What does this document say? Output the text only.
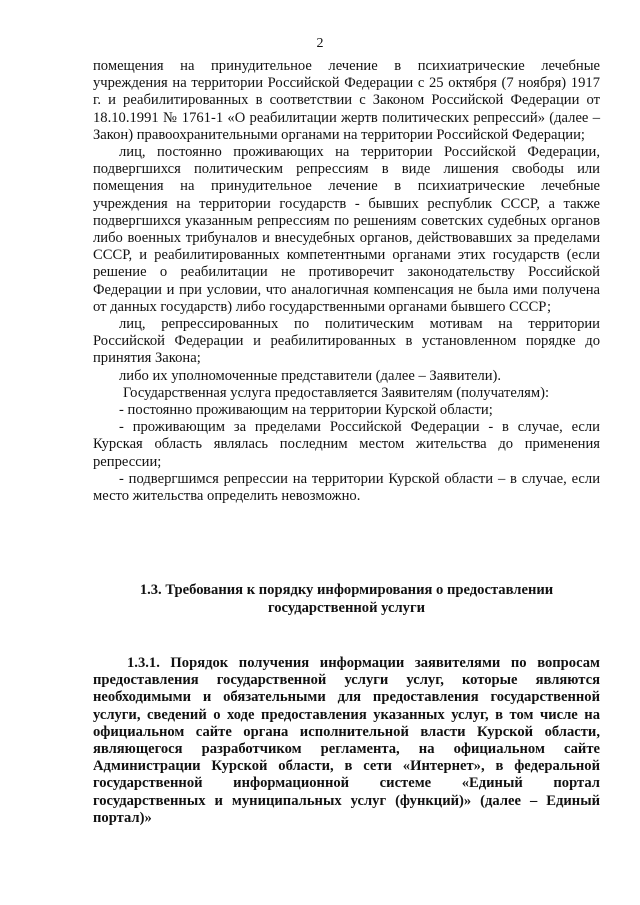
2

помещения на принудительное лечение в психиатрические лечебные учреждения на территории Российской Федерации с 25 октября (7 ноября) 1917 г. и реабилитированных в соответствии с Законом Российской Федерации от 18.10.1991 № 1761-1 «О реабилитации жертв политических репрессий» (далее – Закон) правоохранительными органами на территории Российской Федерации;

лиц, постоянно проживающих на территории Российской Федерации, подвергшихся политическим репрессиям в виде лишения свободы или помещения на принудительное лечение в психиатрические лечебные учреждения на территории государств - бывших республик СССР, а также подвергшихся указанным репрессиям по решениям советских судебных органов либо военных трибуналов и внесудебных органов, действовавших за пределами СССР, и реабилитированных компетентными органами этих государств (если решение о реабилитации не противоречит законодательству Российской Федерации и при условии, что аналогичная компенсация не была ими получена от данных государств) либо государственными органами бывшего СССР;

лиц, репрессированных по политическим мотивам на территории Российской Федерации и реабилитированных в установленном порядке до принятия Закона;

либо их уполномоченные представители (далее – Заявители).

Государственная услуга предоставляется Заявителям (получателям):

- постоянно проживающим на территории Курской области;

- проживающим за пределами Российской Федерации - в случае, если Курская область являлась последним местом жительства до применения репрессии;

- подвергшимся репрессии на территории Курской области – в случае, если место жительства определить невозможно.

1.3. Требования к порядку информирования о предоставлении
государственной услуги

1.3.1. Порядок получения информации заявителями по вопросам предоставления государственной услуги услуг, которые являются необходимыми и обязательными для предоставления государственной услуги, сведений о ходе предоставления указанных услуг, в том числе на официальном сайте органа исполнительной власти Курской области, являющегося разработчиком регламента, на официальном сайте Администрации Курской области, в сети «Интернет», в федеральной государственной информационной системе «Единый портал государственных и муниципальных услуг (функций)» (далее – Единый портал)»
